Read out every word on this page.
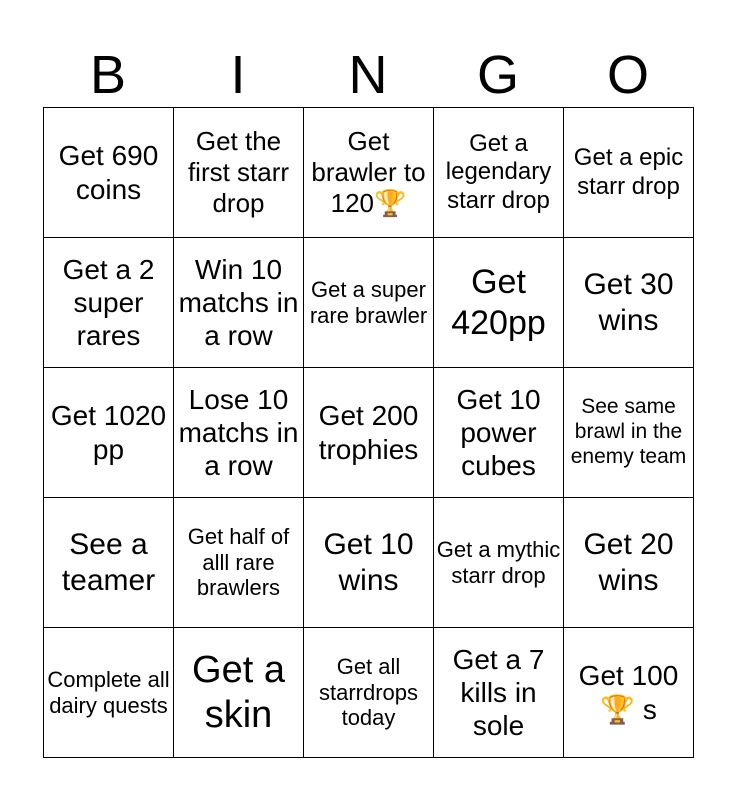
B	I	N	G	O
Get 690 coins	Get the first starr drop	Get brawler to 120🏆	Get a legendary starr drop	Get a epic starr drop

Get a 2 super rares	Win 10 matchs in a row	Get a super rare brawler	Get 420pp	Get 30 wins

Get 1020 pp	Lose 10 matchs in a row	Get 200 trophies	Get 10 power cubes	See same brawl in the enemy team

See a teamer	Get half of alll rare brawlers	Get 10 wins	Get a mythic starr drop	Get 20 wins

Complete all dairy quests	Get a skin	Get all starrdrops today	Get a 7 kills in sole	Get 100 🏆 s
